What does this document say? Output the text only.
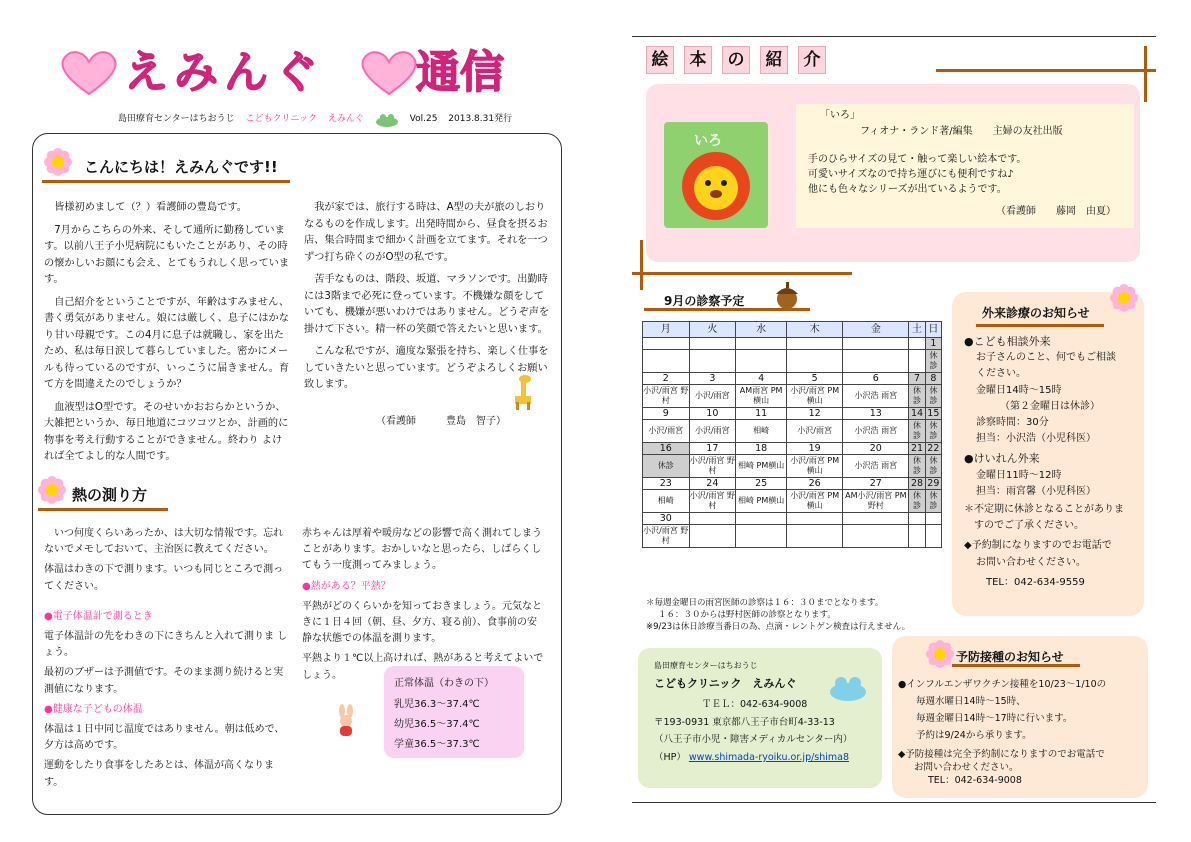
えみんぐ 通信
島田療育センターはちおうじ こどもクリニック えみんぐ	Vol.25 2013.8.31発行
こんにちは！えみんぐです!!

皆様初めまして（？）看護師の豊島です。

7月からこちらの外来、そして通所に勤務していま す。以前八王子小児病院にもいたことがあり、その時 の懐かしいお顔にも会え、とてもうれしく思っていま す。

自己紹介をということですが、年齢はすみません、 書く勇気がありません。娘には厳しく、息子にはかな り甘い母親です。この4月に息子は就職し、家を出た ため、私は毎日涙して暮らしていました。密かにメー ルも待っているのですが、いっこうに届きません。育 て方を間違えたのでしょうか？

血液型はO型です。そのせいかおおらかというか、 大雑把というか、毎日地道にコツコツとか、計画的に 物事を考え行動することができません。終わり よければ全てよし的な人間です。

我が家では、旅行する時は、A型の夫が旅のしおり なるものを作成します。出発時間から、昼食を摂るお 店、集合時間まで細かく計画を立てます。それを一つ ずつ打ち砕くのがO型の私です。

苦手なものは、階段、坂道、マラソンです。出勤時 には3階まで必死に登っています。不機嫌な顔をして いても、機嫌が悪いわけではありません。どうぞ声を 掛けて下さい。精一杯の笑顔で答えたいと思います。

こんな私ですが、適度な緊張を持ち、楽しく仕事を していきたいと思っています。どうぞよろしくお願い 致します。

（看護師　　　豊島　智子）
熱の測り方

いつ何度くらいあったか、は大切な情報です。忘れ ないでメモしておいて、主治医に教えてください。

体温はわきの下で測ります。いつも同じところで測っ てください。

●電子体温計で測るとき

電子体温計の先をわきの下にきちんと入れて測りま しょう。

最初のブザーは予測値です。そのまま測り続けると実 測値になります。

●健康な子どもの体温

体温は１日中同じ温度ではありません。朝は低めで、 夕方は高めです。

運動をしたり食事をしたあとは、体温が高くなりま す。

赤ちゃんは厚着や暖房などの影響で高く測れてしまう ことがあります。おかしいなと思ったら、しばらくし てもう一度測ってみましょう。

●熱がある？平熱？

平熱がどのくらいかを知っておきましょう。元気なと きに１日４回（朝、昼、夕方、寝る前）、食事前の安 静な状態での体温を測ります。

平熱より１℃以上高ければ、熱があると考えてよいで しょう。

正常体温（わきの下）
乳児36.3～37.4℃
幼児36.5～37.4℃
学童36.5～37.3℃
絵 本 の 紹 介
いろ
「いろ」
フィオナ・ランド著/編集　　主婦の友社出版
手のひらサイズの見て・触って楽しい絵本です。
可愛いサイズなので持ち運びにも便利ですね♪
他にも色々なシリーズが出ているようです。
（看護師　　藤岡　由夏）
9月の診察予定
月	火	水	木	金	土	日
						1
						休診
2	3	4	5	6	7	8
小沢/雨宮 野村	小沢/雨宮	AM雨宮 PM横山	小沢/雨宮 PM横山	小沢浩 雨宮	休診	休診
9	10	11	12	13	14	15
小沢/雨宮	小沢/雨宮	相崎	小沢/雨宮	小沢浩 雨宮	休診	休診
16	17	18	19	20	21	22
休診	小沢/雨宮 野村	相崎 PM横山	小沢/雨宮 PM横山	小沢浩 雨宮	休診	休診
23	24	25	26	27	28	29
相崎	小沢/雨宮 野村	相崎 PM横山	小沢/雨宮 PM横山	AM小沢/雨宮 PM野村	休診	休診
30						
小沢/雨宮 野村						
＊毎週金曜日の雨宮医師の診察は１６：３０までとなります。
１６：３０からは野村医師の診察となります。
※9/23は休日診療当番日の為、点滴・レントゲン検査は行えません。
外来診療のお知らせ
●こども相談外来
お子さんのこと、何でもご相談
ください。
金曜日14時～15時
（第２金曜日は休診）
診察時間：30分
担当：小沢浩（小児科医）
●けいれん外来
金曜日11時～12時
担当：雨宮馨（小児科医）
＊不定期に休診となることがありま
すのでご了承ください。
◆予約制になりますのでお電話で
お問い合わせください。
TEL：042-634-9559
島田療育センターはちおうじ
こどもクリニック　えみんぐ
ＴＥＬ：042-634-9008
〒193-0931 東京都八王子市台町4-33-13
（八王子市小児・障害メディカルセンター内）
（HP） www.shimada-ryoiku.or.jp/shima8
予防接種のお知らせ
●インフルエンザワクチン接種を10/23～1/10の
毎週水曜日14時～15時、
毎週金曜日14時～17時に行います。
予約は9/24から承ります。
◆予防接種は完全予約制になりますのでお電話で
お問い合わせください。
TEL：042-634-9008
